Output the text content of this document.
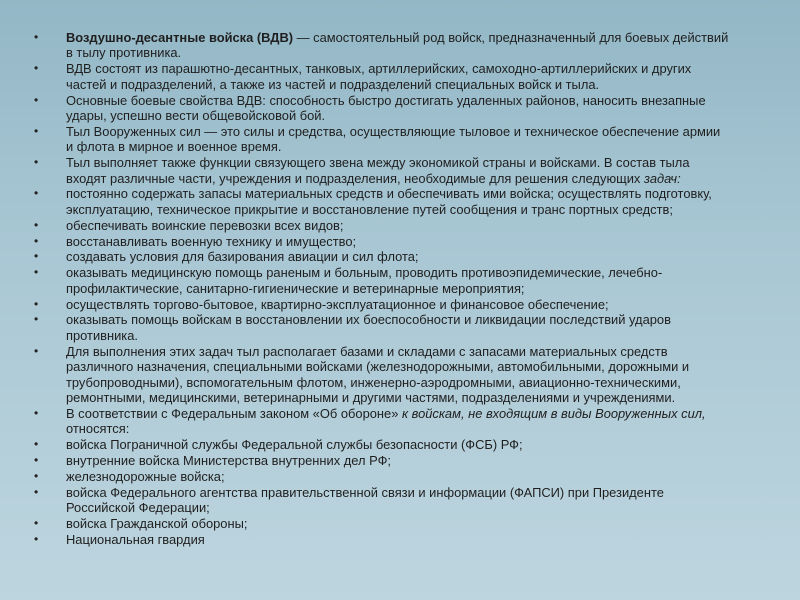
•	Воздушно-десантные войска (ВДВ) — самостоятельный род войск, предназначенный для боевых действий в тылу противника.
•	ВДВ состоят из парашютно-десантных, танковых, артиллерийских, самоходно-артиллерийских и других частей и подразделений, а также из частей и подразделений специальных войск и тыла.
•	Основные боевые свойства ВДВ: способность быстро достигать удаленных районов, наносить внезапные удары, успешно вести общевойсковой бой.
•	Тыл Вооруженных сил — это силы и средства, осуществляющие тыловое и техническое обеспечение армии и флота в мирное и военное время.
•	Тыл выполняет также функции связующего звена между экономикой страны и войсками. В состав тыла входят различные части, учреждения и подразделения, необходимые для решения следующих задач:
•	постоянно содержать запасы материальных средств и обеспечивать ими войска; осуществлять подготовку, эксплуатацию, техническое прикрытие и восстановление путей сообщения и транс портных средств;
•	обеспечивать воинские перевозки всех видов;
•	восстанавливать военную технику и имущество;
•	создавать условия для базирования авиации и сил флота;
•	оказывать медицинскую помощь раненым и больным, проводить противоэпидемические, лечебно-профилактические, санитарно-гигиенические и ветеринарные мероприятия;
•	осуществлять торгово-бытовое, квартирно-эксплуатационное и финансовое обеспечение;
•	оказывать помощь войскам в восстановлении их боеспособности и ликвидации последствий ударов противника.
•	Для выполнения этих задач тыл располагает базами и складами с запасами материальных средств различного назначения, специальными войсками (железнодорожными, автомобильными, дорожными и трубопроводными), вспомогательным флотом, инженерно-аэродромными, авиационно-техническими, ремонтными, медицинскими, ветеринарными и другими частями, подразделениями и учреждениями.
•	В соответствии с Федеральным законом «Об обороне» к войскам, не входящим в виды Вооруженных сил, относятся:
•	войска Пограничной службы Федеральной службы безопасности (ФСБ) РФ;
•	внутренние войска Министерства внутренних дел РФ;
•	железнодорожные войска;
•	войска Федерального агентства правительственной связи и информации (ФАПСИ) при Президенте Российской Федерации;
•	войска Гражданской обороны;
•	Национальная гвардия
